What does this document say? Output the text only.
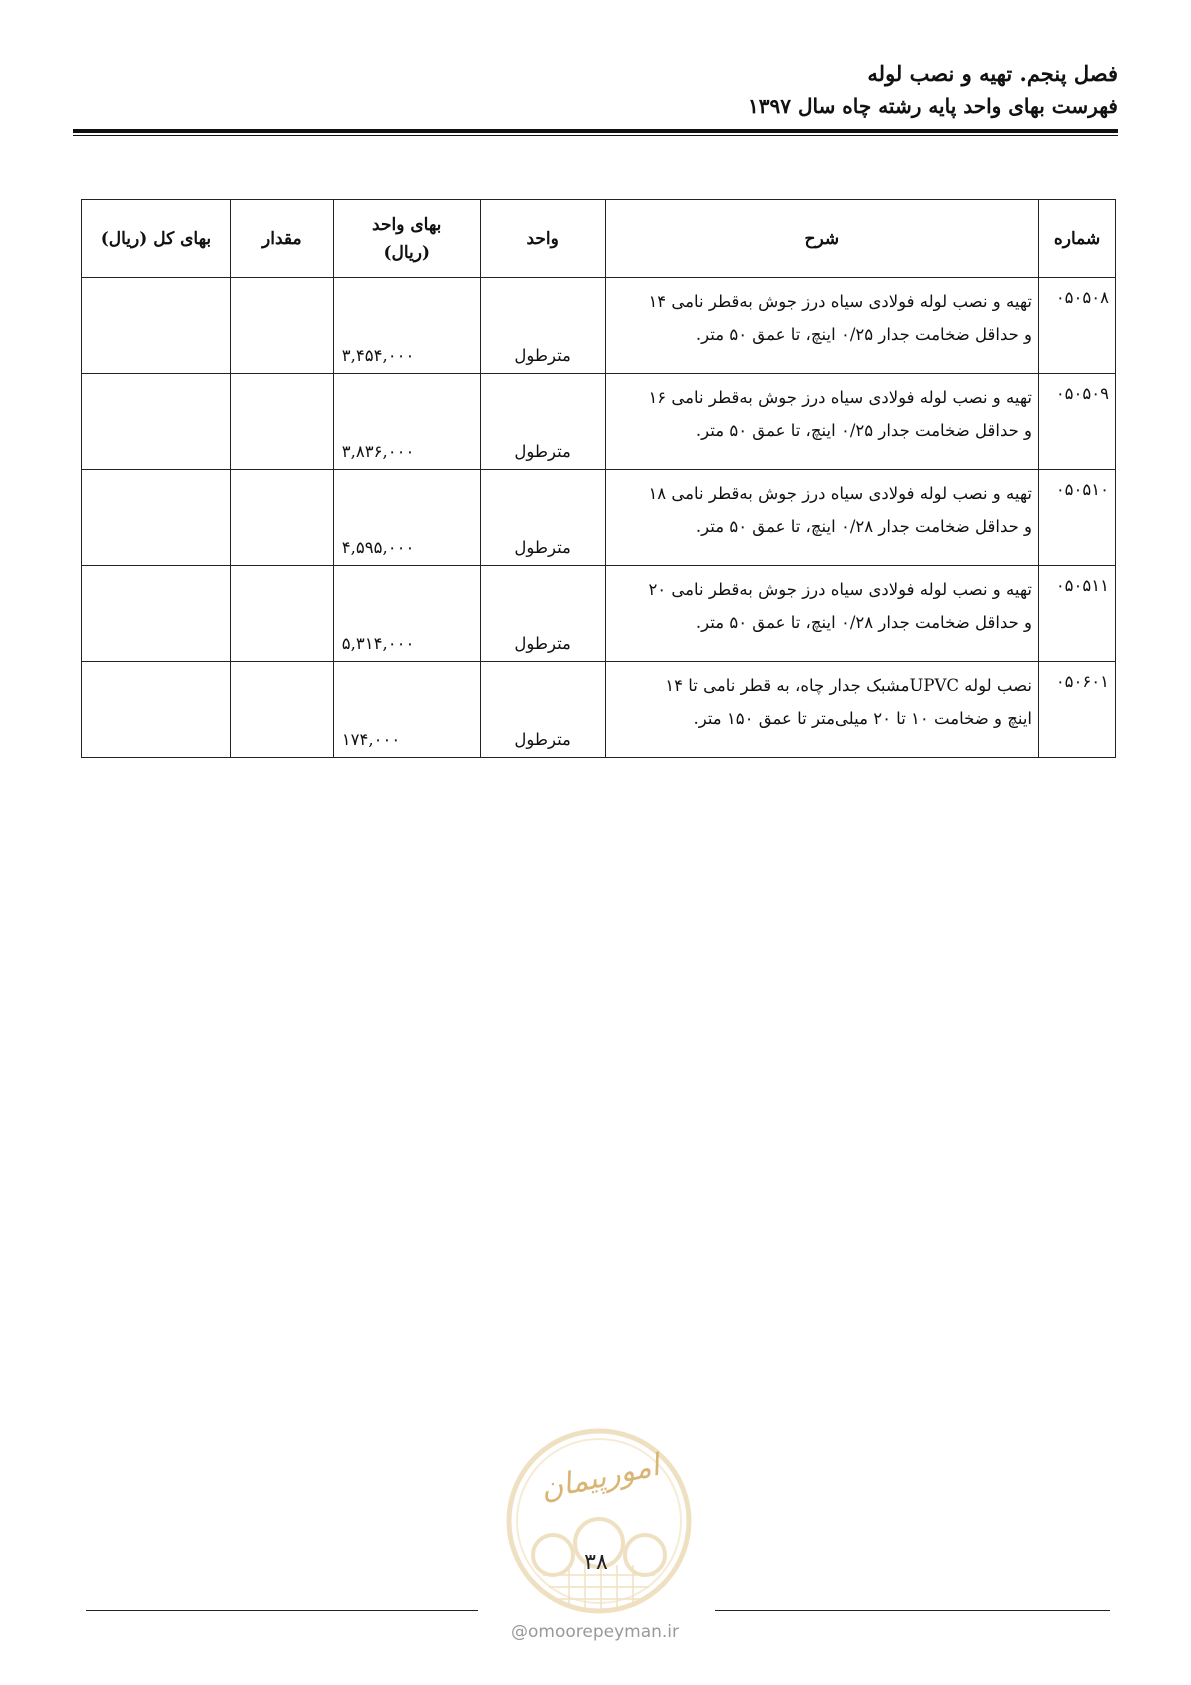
فصل پنجم. تهیه و نصب لوله
فهرست بهای واحد پایه رشته چاه سال ۱۳۹۷
شماره	شرح	واحد	بهای واحد
(ریال)	مقدار	بهای کل (ریال)
۰۵۰۵۰۸	تهیه و نصب لوله فولادی سیاه درز جوش به‌قطر نامی ۱۴
و حداقل ضخامت جدار ۰/۲۵ اینچ، تا عمق ۵۰ متر.	مترطول	۳,۴۵۴,۰۰۰		
۰۵۰۵۰۹	تهیه و نصب لوله فولادی سیاه درز جوش به‌قطر نامی ۱۶
و حداقل ضخامت جدار ۰/۲۵ اینچ، تا عمق ۵۰ متر.	مترطول	۳,۸۳۶,۰۰۰		
۰۵۰۵۱۰	تهیه و نصب لوله فولادی سیاه درز جوش به‌قطر نامی ۱۸
و حداقل ضخامت جدار ۰/۲۸ اینچ، تا عمق ۵۰ متر.	مترطول	۴,۵۹۵,۰۰۰		
۰۵۰۵۱۱	تهیه و نصب لوله فولادی سیاه درز جوش به‌قطر نامی ۲۰
و حداقل ضخامت جدار ۰/۲۸ اینچ، تا عمق ۵۰ متر.	مترطول	۵,۳۱۴,۰۰۰		
۰۵۰۶۰۱	نصب لوله UPVCمشبک جدار چاه، به قطر نامی تا ۱۴
اینچ و ضخامت ۱۰ تا ۲۰ میلی‌متر تا عمق ۱۵۰ متر.	مترطول	۱۷۴,۰۰۰		
امورپیمان
۳۸
@omoorepeyman.ir
